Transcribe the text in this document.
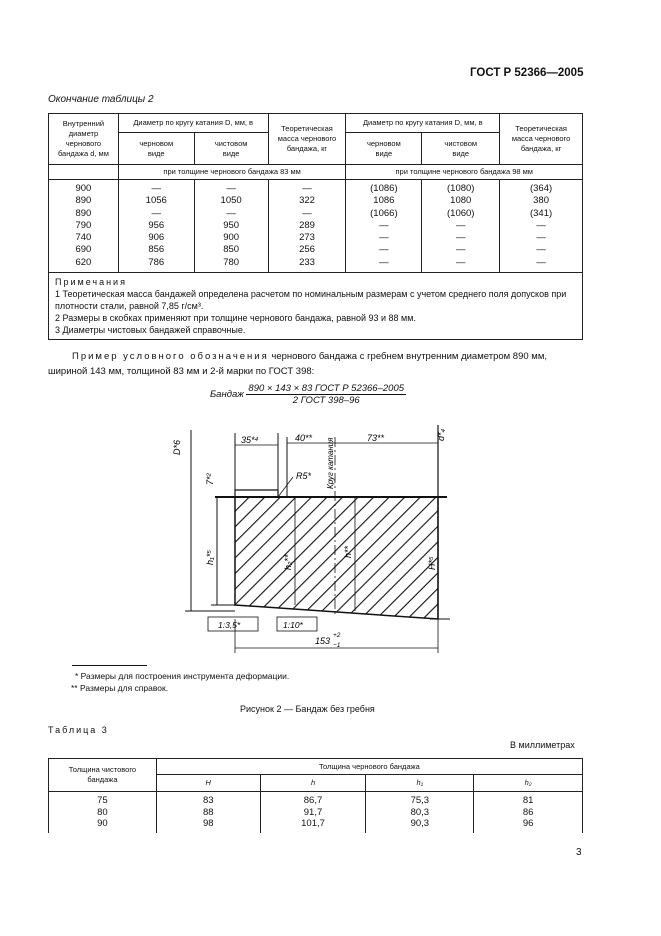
ГОСТ Р 52366—2005
Окончание таблицы 2
Внутренний диаметр чернового бандажа d, мм	Диаметр по кругу катания D, мм, в		Теоретическая масса чернового бандажа, кг	Диаметр по кругу катания D, мм, в		Теоретическая масса чернового бандажа, кг
	черновом виде	чистовом виде		черновом виде	чистовом виде	
	при толщине чернового бандажа 83 мм			при толщине чернового бандажа 98 мм		
900	—	—	—	(1086)	(1080)	(364)
890	1056	1050	322	1086	1080	380
890	—	—	—	(1066)	(1060)	(341)
790	956	950	289	—	—	—
740	906	900	273	—	—	—
690	856	850	256	—	—	—
620	786	780	233	—	—	—

Примечания
1 Теоретическая масса бандажей определена расчетом по номинальным размерам с учетом среднего поля допусков при плотности стали, равной 7,85 г/см³.
2 Размеры в скобках применяют при толщине чернового бандажа, равной 93 и 88 мм.
3 Диаметры чистовых бандажей справочные.						
Пример условного обозначения чернового бандажа с гребнем внутренним диаметром 890 мм, шириной 143 мм, толщиной 83 мм и 2-й марки по ГОСТ 398:
Бандаж $\frac{\text{890 × 143 × 83 ГОСТ Р 52366–2005}}{\text{2 ГОСТ 398–96}}$
D*6
d*₄
35*⁴	40**	73**
R5* Круг катания
7*²
h₁*⁵	h₂**
h**
H*⁵
1:3,5*	1:10*
153
+2
−1
* Размеры для построения инструмента деформации.
** Размеры для справок.
Рисунок 2 — Бандаж без гребня
Таблица 3
В миллиметрах
Толщина чистового бандажа	Толщина чернового бандажа			
	H	h	h₁	h₂
75	83	86,7	75,3	81
80	88	91,7	80,3	86
90	98	101,7	90,3	96
3
